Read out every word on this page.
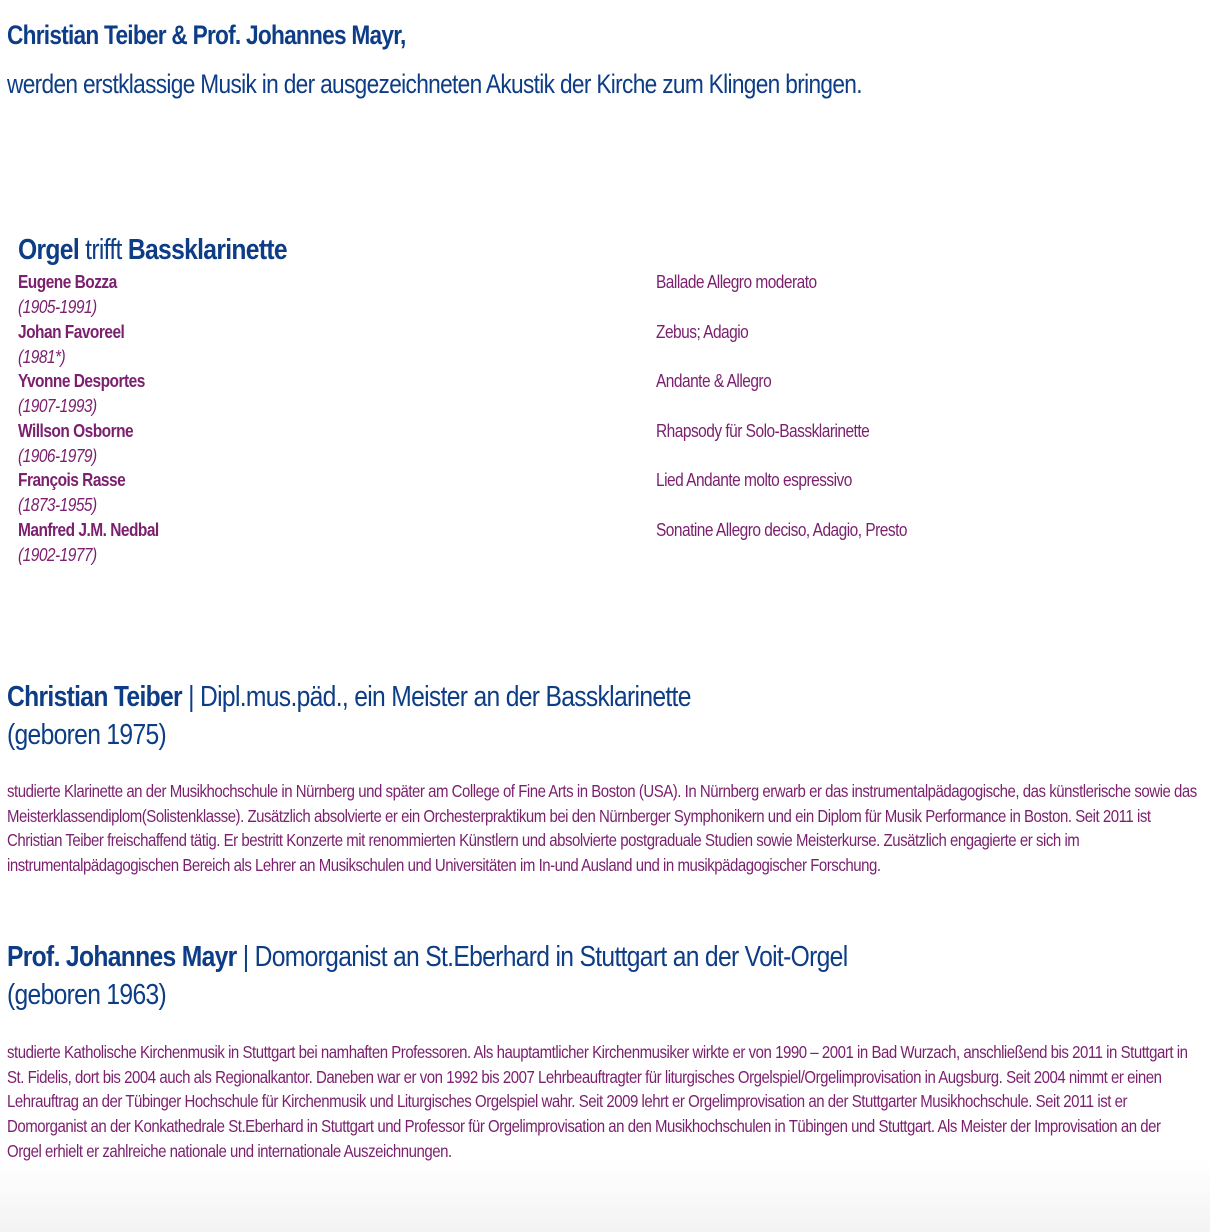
Christian Teiber & Prof. Johannes Mayr,
werden erstklassige Musik in der ausgezeichneten Akustik der Kirche zum Klingen bringen.
Orgel trifft Bassklarinette
Eugene Bozza
(1905-1991)
Ballade Allegro moderato
Johan Favoreel
(1981*)
Zebus; Adagio
Yvonne Desportes
(1907-1993)
Andante & Allegro
Willson Osborne
(1906-1979)
Rhapsody für Solo-Bassklarinette
François Rasse
(1873-1955)
Lied Andante molto espressivo
Manfred J.M. Nedbal
(1902-1977)
Sonatine Allegro deciso, Adagio, Presto
Christian Teiber | Dipl.mus.päd., ein Meister an der Bassklarinette
(geboren 1975)
studierte Klarinette an der Musikhochschule in Nürnberg und später am College of Fine Arts in Boston (USA). In Nürnberg erwarb er das instrumentalpädagogische, das künstlerische sowie das Meisterklassendiplom(Solistenklasse). Zusätzlich absolvierte er ein Orchesterpraktikum bei den Nürnberger Symphonikern und ein Diplom für Musik Performance in Boston. Seit 2011 ist Christian Teiber freischaffend tätig. Er bestritt Konzerte mit renommierten Künstlern und absolvierte postgraduale Studien sowie Meisterkurse. Zusätzlich engagierte er sich im instrumentalpädagogischen Bereich als Lehrer an Musikschulen und Universitäten im In-und Ausland und in musikpädagogischer Forschung.
Prof. Johannes Mayr | Domorganist an St.Eberhard in Stuttgart an der Voit-Orgel
(geboren 1963)
studierte Katholische Kirchenmusik in Stuttgart bei namhaften Professoren. Als hauptamtlicher Kirchenmusiker wirkte er von 1990 – 2001 in Bad Wurzach, anschließend bis 2011 in Stuttgart in St. Fidelis, dort bis 2004 auch als Regionalkantor. Daneben war er von 1992 bis 2007 Lehrbeauftragter für liturgisches Orgelspiel/Orgelimprovisation in Augsburg. Seit 2004 nimmt er einen Lehrauftrag an der Tübinger Hochschule für Kirchenmusik und Liturgisches Orgelspiel wahr. Seit 2009 lehrt er Orgelimprovisation an der Stuttgarter Musikhochschule. Seit 2011 ist er Domorganist an der Konkathedrale St.Eberhard in Stuttgart und Professor für Orgelimprovisation an den Musikhochschulen in Tübingen und Stuttgart. Als Meister der Improvisation an der Orgel erhielt er zahlreiche nationale und internationale Auszeichnungen.
